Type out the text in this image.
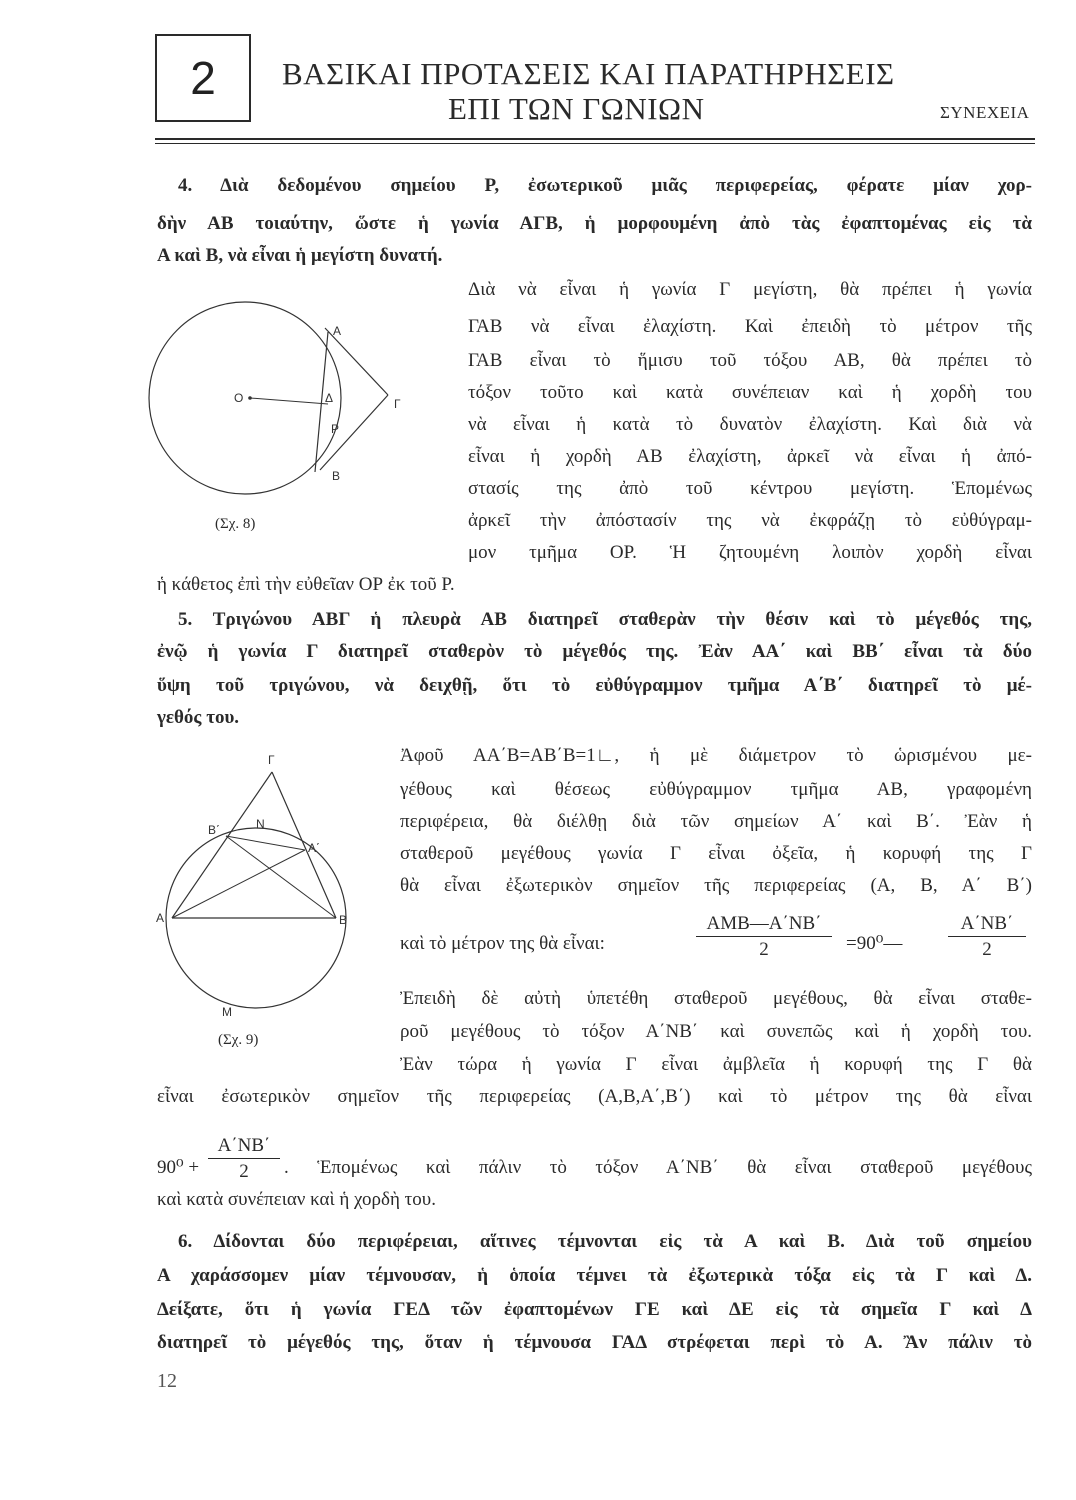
2	ΒΑΣΙΚΑΙ ΠΡΟΤΑΣΕΙΣ ΚΑΙ ΠΑΡΑΤΗΡΗΣΕΙΣ
ΕΠΙ ΤΩΝ ΓΩΝΙΩΝ	ΣΥΝΕΧΕΙΑ
4. Διὰ δεδομένου σημείου Ρ, ἐσωτερικοῦ μιᾶς περιφερείας, φέρατε μίαν χορ-
δὴν ΑΒ τοιαύτην, ὥστε ἡ γωνία ΑΓΒ, ἡ μορφουμένη ἀπὸ τὰς ἐφαπτομένας εἰς τὰ
Α καὶ Β, νὰ εἶναι ἡ μεγίστη δυνατή.
Διὰ νὰ εἶναι ἡ γωνία Γ μεγίστη, θὰ πρέπει ἡ γωνία
ΓΑΒ νὰ εἶναι ἐλαχίστη. Καὶ ἐπειδὴ τὸ μέτρον τῆς
ΓΑΒ εἶναι τὸ ἥμισυ τοῦ τόξου ΑΒ, θὰ πρέπει τὸ
τόξον τοῦτο καὶ κατὰ συνέπειαν καὶ ἡ χορδὴ του
νὰ εἶναι ἡ κατὰ τὸ δυνατὸν ἐλαχίστη. Καὶ διὰ νὰ
εἶναι ἡ χορδὴ ΑΒ ἐλαχίστη, ἀρκεῖ νὰ εἶναι ἡ ἀπό-
στασίς της ἀπὸ τοῦ κέντρου μεγίστη. Ἑπομένως
ἀρκεῖ τὴν ἀπόστασίν της νὰ ἐκφράζῃ τὸ εὐθύγραμ-
μον τμῆμα ΟΡ. Ἡ ζητουμένη λοιπὸν χορδὴ εἶναι
ἡ κάθετος ἐπὶ τὴν εὐθεῖαν ΟΡ ἐκ τοῦ Ρ.
A
O	Δ	Γ
P
B
(Σχ. 8)
5. Τριγώνου ΑΒΓ ἡ πλευρὰ ΑΒ διατηρεῖ σταθερὰν τὴν θέσιν καὶ τὸ μέγεθός της,
ἐνῷ ἡ γωνία Γ διατηρεῖ σταθερὸν τὸ μέγεθός της. Ἐὰν ΑΑ΄ καὶ ΒΒ΄ εἶναι τὰ δύο
ὕψη τοῦ τριγώνου, νὰ δειχθῇ, ὅτι τὸ εὐθύγραμμον τμῆμα Α΄Β΄ διατηρεῖ τὸ μέ-
γεθός του.
Ἀφοῦ ΑΑ΄Β=ΑΒ΄Β=1∟, ἡ μὲ διάμετρον τὸ ὡρισμένου με-
γέθους καὶ θέσεως εὐθύγραμμον τμῆμα ΑΒ, γραφομένη
περιφέρεια, θὰ διέλθῃ διὰ τῶν σημείων Α΄ καὶ Β΄. Ἐὰν ἡ
σταθεροῦ μεγέθους γωνία Γ εἶναι ὀξεῖα, ἡ κορυφή της Γ
θὰ εἶναι ἐξωτερικὸν σημεῖον τῆς περιφερείας (Α, Β, Α΄ Β΄)
καὶ τὸ μέτρον της θὰ εἶναι:
ΑΜΒ—Α΄ΝΒ΄
2	=90⁰— $\frac{A΄NB΄}{2}$
Ἐπειδὴ δὲ αὐτὴ ὑπετέθη σταθεροῦ μεγέθους, θὰ εἶναι σταθε-
ροῦ μεγέθους τὸ τόξον Α΄ΝΒ΄ καὶ συνεπῶς καὶ ἡ χορδὴ του.
Ἐὰν τώρα ἡ γωνία Γ εἶναι ἀμβλεῖα ἡ κορυφή της Γ θὰ
εἶναι ἐσωτερικὸν σημεῖον τῆς περιφερείας (Α,Β,Α΄,Β΄) καὶ τὸ μέτρον της θὰ εἶναι
$90^0 + \frac{A΄NB΄}{2}$ . Ἑπομένως καὶ πάλιν τὸ τόξον Α΄ΝΒ΄ θὰ εἶναι σταθεροῦ μεγέθους
καὶ κατὰ συνέπειαν καὶ ἡ χορδὴ του.
Γ
B΄	N
A΄
A	B
M
(Σχ. 9)
6. Δίδονται δύο περιφέρειαι, αἵτινες τέμνονται εἰς τὰ Α καὶ Β. Διὰ τοῦ σημείου
Α χαράσσομεν μίαν τέμνουσαν, ἡ ὁποία τέμνει τὰ ἐξωτερικὰ τόξα εἰς τὰ Γ καὶ Δ.
Δείξατε, ὅτι ἡ γωνία ΓΕΔ τῶν ἐφαπτομένων ΓΕ καὶ ΔΕ εἰς τὰ σημεῖα Γ καὶ Δ
διατηρεῖ τὸ μέγεθός της, ὅταν ἡ τέμνουσα ΓΑΔ στρέφεται περὶ τὸ Α. Ἂν πάλιν τὸ
12
